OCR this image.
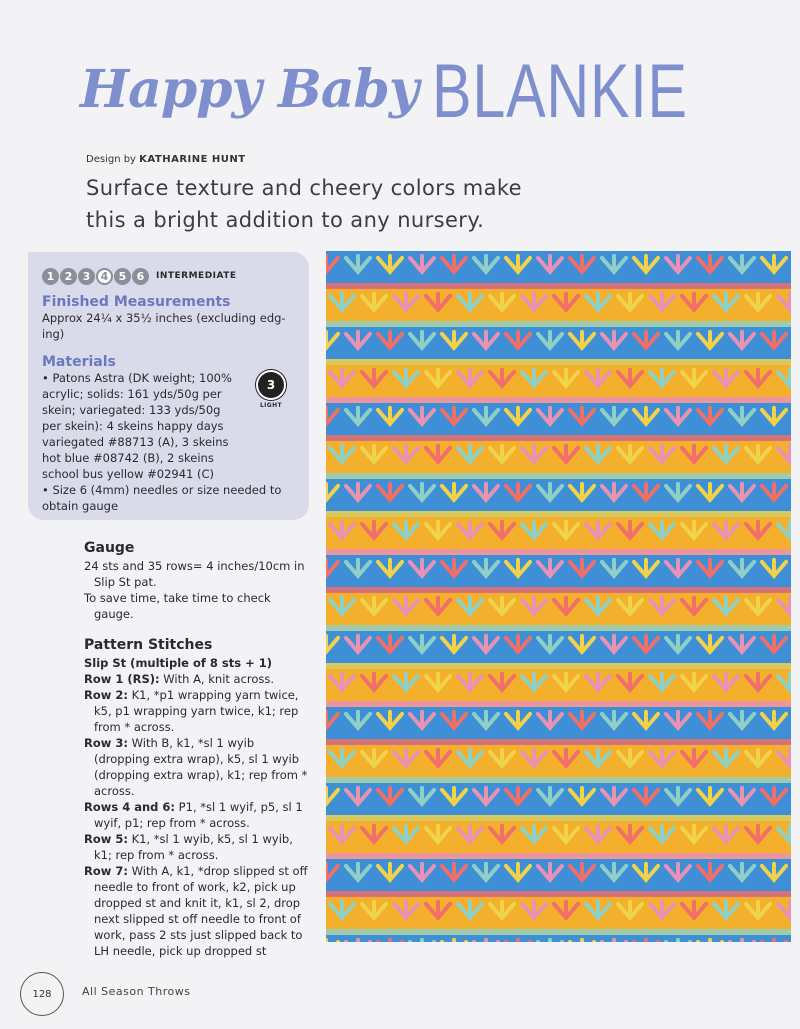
Happy Baby BLANKIE
Design by KATHARINE HUNT
Surface texture and cheery colors make this a bright addition to any nursery.
1 2 3 4 5 6	INTERMEDIATE
Finished Measurements
Approx 24¼ x 35½ inches (excluding edg-ing)
Materials
• Patons Astra (DK weight; 100% acrylic; solids: 161 yds/50g per skein; variegated: 133 yds/50g per skein): 4 skeins happy days variegated #88713 (A), 3 skeins hot blue #08742 (B), 2 skeins school bus yellow #02941 (C)
• Size 6 (4mm) needles or size needed to obtain gauge
3
LIGHT
Gauge

24 sts and 35 rows= 4 inches/10cm in Slip St pat.

To save time, take time to check gauge.

Pattern Stitches

Slip St (multiple of 8 sts + 1)

Row 1 (RS): With A, knit across.

Row 2: K1, *p1 wrapping yarn twice, k5, p1 wrapping yarn twice, k1; rep from * across.

Row 3: With B, k1, *sl 1 wyib (dropping extra wrap), k5, sl 1 wyib (dropping extra wrap), k1; rep from * across.

Rows 4 and 6: P1, *sl 1 wyif, p5, sl 1 wyif, p1; rep from * across.

Row 5: K1, *sl 1 wyib, k5, sl 1 wyib, k1; rep from * across.

Row 7: With A, k1, *drop slipped st off needle to front of work, k2, pick up dropped st and knit it, k1, sl 2, drop next slipped st off needle to front of work, pass 2 sts just slipped back to LH needle, pick up dropped st

128	All Season Throws
